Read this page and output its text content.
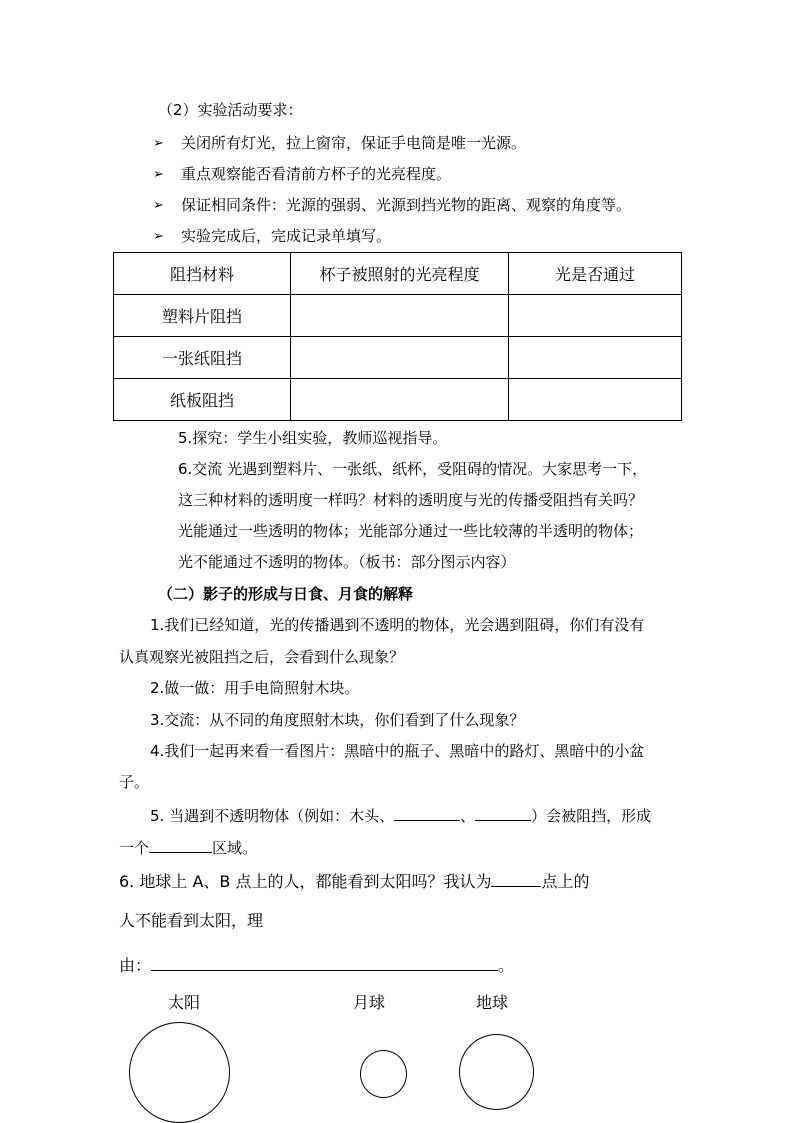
（2）实验活动要求：
➢ 关闭所有灯光，拉上窗帘，保证手电筒是唯一光源。
➢ 重点观察能否看清前方杯子的光亮程度。
➢ 保证相同条件：光源的强弱、光源到挡光物的距离、观察的角度等。
➢ 实验完成后，完成记录单填写。
阻挡材料	杯子被照射的光亮程度	光是否通过
塑料片阻挡		
一张纸阻挡		
纸板阻挡		
5.探究：学生小组实验，教师巡视指导。
6.交流 光遇到塑料片、一张纸、纸杯，受阻碍的情况。大家思考一下，
这三种材料的透明度一样吗？材料的透明度与光的传播受阻挡有关吗？
光能通过一些透明的物体；光能部分通过一些比较薄的半透明的物体；
光不能通过不透明的物体。（板书：部分图示内容）
（二）影子的形成与日食、月食的解释
1.我们已经知道，光的传播遇到不透明的物体，光会遇到阻碍，你们有没有
认真观察光被阻挡之后，会看到什么现象？
2.做一做：用手电筒照射木块。
3.交流：从不同的角度照射木块，你们看到了什么现象？
4.我们一起再来看一看图片：黑暗中的瓶子、黑暗中的路灯、黑暗中的小盆
子。
5. 当遇到不透明物体（例如：木头、	、	）会被阻挡，形成
一个	区域。
6. 地球上 A、B 点上的人，都能看到太阳吗？我认为	点上的
人不能看到太阳，理
由：	。
太阳	月球	地球
